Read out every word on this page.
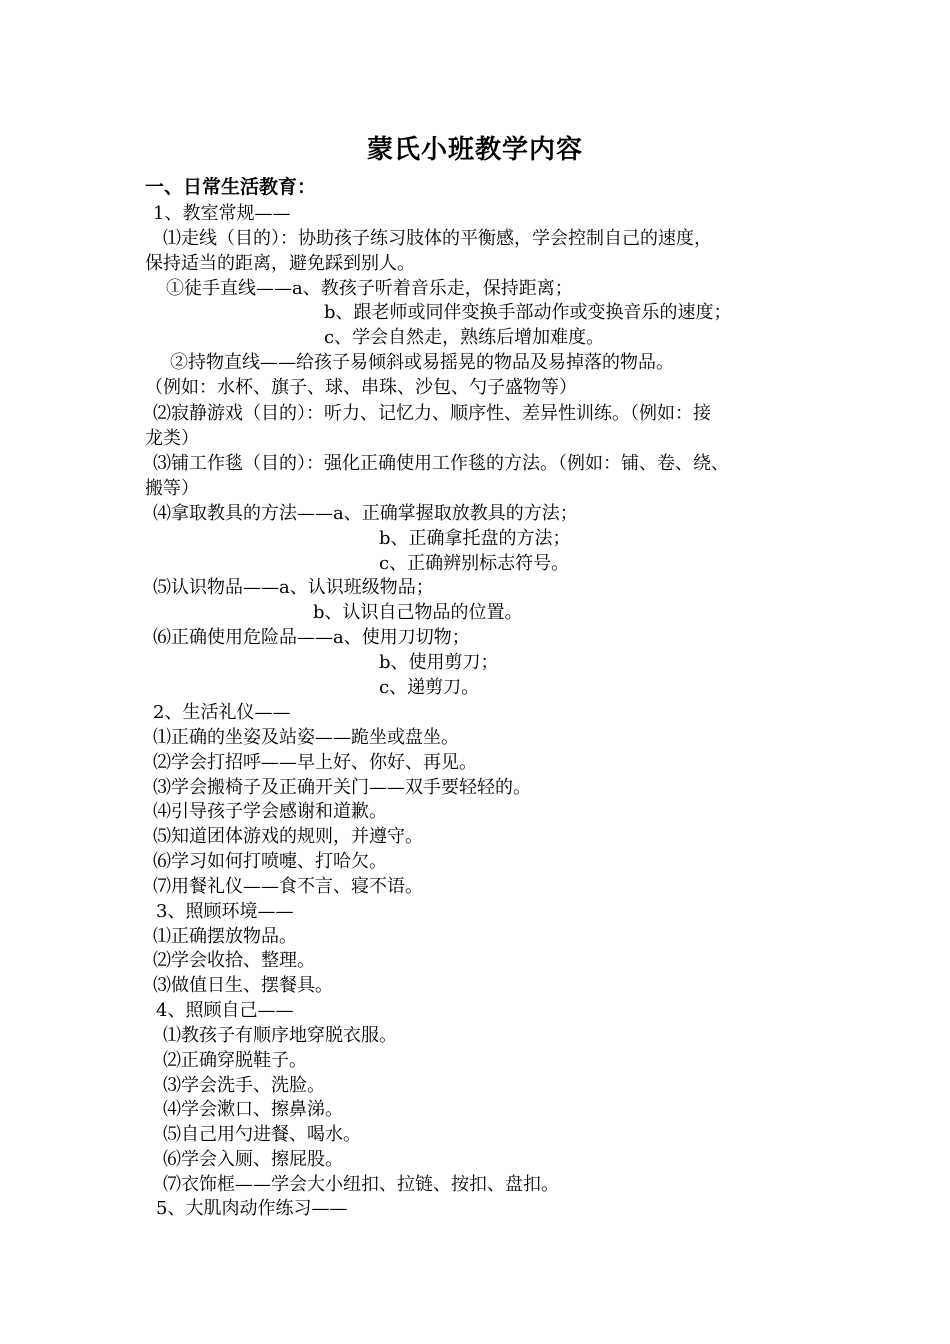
蒙氏小班教学内容
一、日常生活教育：
1、教室常规——
⑴走线（目的）：协助孩子练习肢体的平衡感，学会控制自己的速度，
保持适当的距离，避免踩到别人。
①徒手直线——a、教孩子听着音乐走，保持距离；
b、跟老师或同伴变换手部动作或变换音乐的速度；
c、学会自然走，熟练后增加难度。
②持物直线——给孩子易倾斜或易摇晃的物品及易掉落的物品。
（例如：水杯、旗子、球、串珠、沙包、勺子盛物等）
⑵寂静游戏（目的）：听力、记忆力、顺序性、差异性训练。（例如：接
龙类）
⑶铺工作毯（目的）：强化正确使用工作毯的方法。（例如：铺、卷、绕、
搬等）
⑷拿取教具的方法——a、正确掌握取放教具的方法；
b、正确拿托盘的方法；
c、正确辨别标志符号。
⑸认识物品——a、认识班级物品；
b、认识自己物品的位置。
⑹正确使用危险品——a、使用刀切物；
b、使用剪刀；
c、递剪刀。
2、生活礼仪——
⑴正确的坐姿及站姿——跪坐或盘坐。
⑵学会打招呼——早上好、你好、再见。
⑶学会搬椅子及正确开关门——双手要轻轻的。
⑷引导孩子学会感谢和道歉。
⑸知道团体游戏的规则，并遵守。
⑹学习如何打喷嚏、打哈欠。
⑺用餐礼仪——食不言、寝不语。
3、照顾环境——
⑴正确摆放物品。
⑵学会收拾、整理。
⑶做值日生、摆餐具。
4、照顾自己——
⑴教孩子有顺序地穿脱衣服。
⑵正确穿脱鞋子。
⑶学会洗手、洗脸。
⑷学会漱口、擦鼻涕。
⑸自己用勺进餐、喝水。
⑹学会入厕、擦屁股。
⑺衣饰框——学会大小纽扣、拉链、按扣、盘扣。
5、大肌肉动作练习——
